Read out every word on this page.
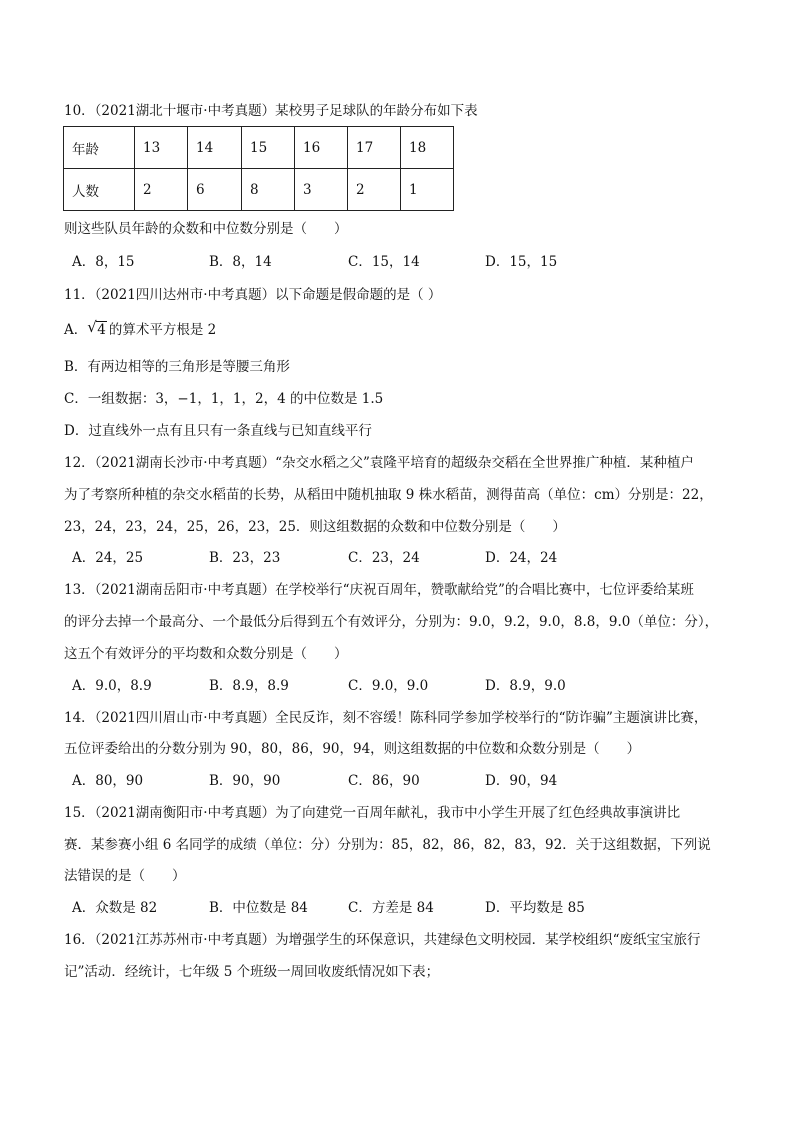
10．（2021湖北十堰市·中考真题）某校男子足球队的年龄分布如下表
年龄	13	14	15	16	17	18
人数	2	6	8	3	2	1
则这些队员年龄的众数和中位数分别是（　　）
A．8，15	B．8，14	C．15，14	D．15，15
11．（2021四川达州市·中考真题）以下命题是假命题的是（ ）
A． √ 4 的算术平方根是 2
B．有两边相等的三角形是等腰三角形
C．一组数据：3，−1，1，1，2，4 的中位数是 1.5
D．过直线外一点有且只有一条直线与已知直线平行
12．（2021湖南长沙市·中考真题）“杂交水稻之父”袁隆平培育的超级杂交稻在全世界推广种植．某种植户
为了考察所种植的杂交水稻苗的长势，从稻田中随机抽取 9 株水稻苗，测得苗高（单位：cm）分别是：22，
23，24，23，24，25，26，23，25．则这组数据的众数和中位数分别是（　　）
A．24，25	B．23，23	C．23，24	D．24，24
13．（2021湖南岳阳市·中考真题）在学校举行“庆祝百周年，赞歌献给党”的合唱比赛中，七位评委给某班
的评分去掉一个最高分、一个最低分后得到五个有效评分，分别为：9.0，9.2，9.0，8.8，9.0（单位：分），
这五个有效评分的平均数和众数分别是（　　）
A．9.0，8.9	B．8.9，8.9	C．9.0，9.0	D．8.9，9.0
14．（2021四川眉山市·中考真题）全民反诈，刻不容缓！陈科同学参加学校举行的“防诈骗”主题演讲比赛，
五位评委给出的分数分别为 90，80，86，90，94，则这组数据的中位数和众数分别是（　　）
A．80，90	B．90，90	C．86，90	D．90，94
15．（2021湖南衡阳市·中考真题）为了向建党一百周年献礼，我市中小学生开展了红色经典故事演讲比
赛．某参赛小组 6 名同学的成绩（单位：分）分别为：85，82，86，82，83，92．关于这组数据，下列说
法错误的是（　　）
A．众数是 82	B．中位数是 84	C．方差是 84	D．平均数是 85
16．（2021江苏苏州市·中考真题）为增强学生的环保意识，共建绿色文明校园．某学校组织“废纸宝宝旅行
记”活动．经统计，七年级 5 个班级一周回收废纸情况如下表；
